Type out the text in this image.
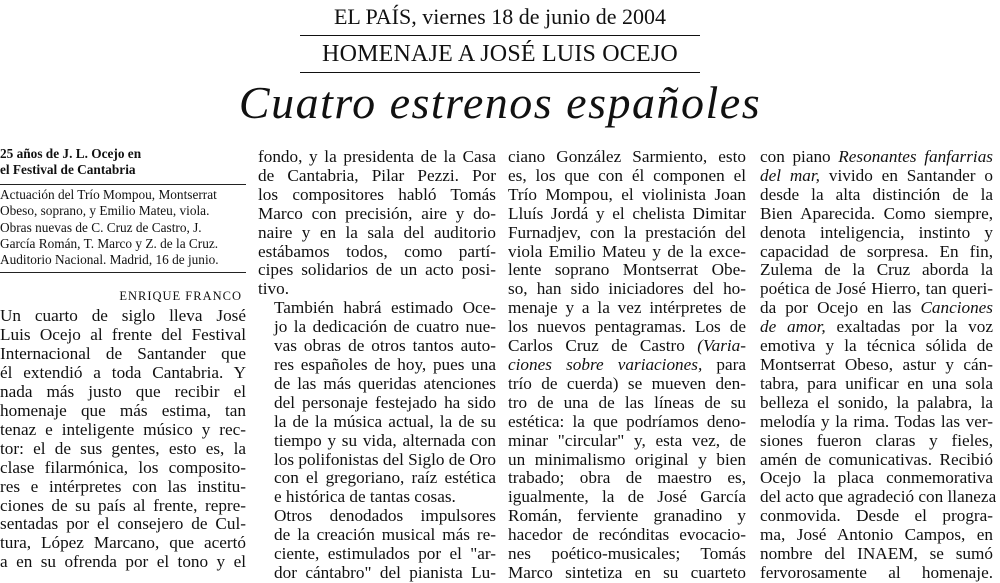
EL PAÍS, viernes 18 de junio de 2004
HOMENAJE A JOSÉ LUIS OCEJO
Cuatro estrenos españoles
25 años de J. L. Ocejo en
el Festival de Cantabria
Actuación del Trío Mompou, Montserrat
Obeso, soprano, y Emilio Mateu, viola.
Obras nuevas de C. Cruz de Castro, J.
García Román, T. Marco y Z. de la Cruz.
Auditorio Nacional. Madrid, 16 de junio.
ENRIQUE FRANCO

Un cuarto de siglo lleva José
Luis Ocejo al frente del Festival
Internacional de Santander que
él extendió a toda Cantabria. Y
nada más justo que recibir el
homenaje que más estima, tan
tenaz e inteligente músico y rec-
tor: el de sus gentes, esto es, la
clase filarmónica, los composito-
res e intérpretes con las institu-
ciones de su país al frente, repre-
sentadas por el consejero de Cul-
tura, López Marcano, que acertó
a en su ofrenda por el tono y el

fondo, y la presidenta de la Casa
de Cantabria, Pilar Pezzi. Por
los compositores habló Tomás
Marco con precisión, aire y do-
naire y en la sala del auditorio
estábamos todos, como partí-
cipes solidarios de un acto posi-
tivo.

También habrá estimado Oce-
jo la dedicación de cuatro nue-
vas obras de otros tantos auto-
res españoles de hoy, pues una
de las más queridas atenciones
del personaje festejado ha sido
la de la música actual, la de su
tiempo y su vida, alternada con
los polifonistas del Siglo de Oro
con el gregoriano, raíz estética
e histórica de tantas cosas.

Otros denodados impulsores
de la creación musical más re-
ciente, estimulados por el "ar-
dor cántabro" del pianista Lu-

ciano González Sarmiento, esto
es, los que con él componen el
Trío Mompou, el violinista Joan
Lluís Jordá y el chelista Dimitar
Furnadjev, con la prestación del
viola Emilio Mateu y de la exce-
lente soprano Montserrat Obe-
so, han sido iniciadores del ho-
menaje y a la vez intérpretes de
los nuevos pentagramas. Los de
Carlos Cruz de Castro (Varia-
ciones sobre variaciones, para
trío de cuerda) se mueven den-
tro de una de las líneas de su
estética: la que podríamos deno-
minar "circular" y, esta vez, de
un minimalismo original y bien
trabado; obra de maestro es,
igualmente, la de José García
Román, ferviente granadino y
hacedor de recónditas evocacio-
nes poético-musicales; Tomás
Marco sintetiza en su cuarteto

con piano Resonantes fanfarrias
del mar, vivido en Santander o
desde la alta distinción de la
Bien Aparecida. Como siempre,
denota inteligencia, instinto y
capacidad de sorpresa. En fin,
Zulema de la Cruz aborda la
poética de José Hierro, tan queri-
da por Ocejo en las Canciones
de amor, exaltadas por la voz
emotiva y la técnica sólida de
Montserrat Obeso, astur y cán-
tabra, para unificar en una sola
belleza el sonido, la palabra, la
melodía y la rima. Todas las ver-
siones fueron claras y fieles,
amén de comunicativas. Recibió
Ocejo la placa conmemorativa
del acto que agradeció con llaneza
conmovida. Desde el progra-
ma, José Antonio Campos, en
nombre del INAEM, se sumó
fervorosamente al homenaje.
